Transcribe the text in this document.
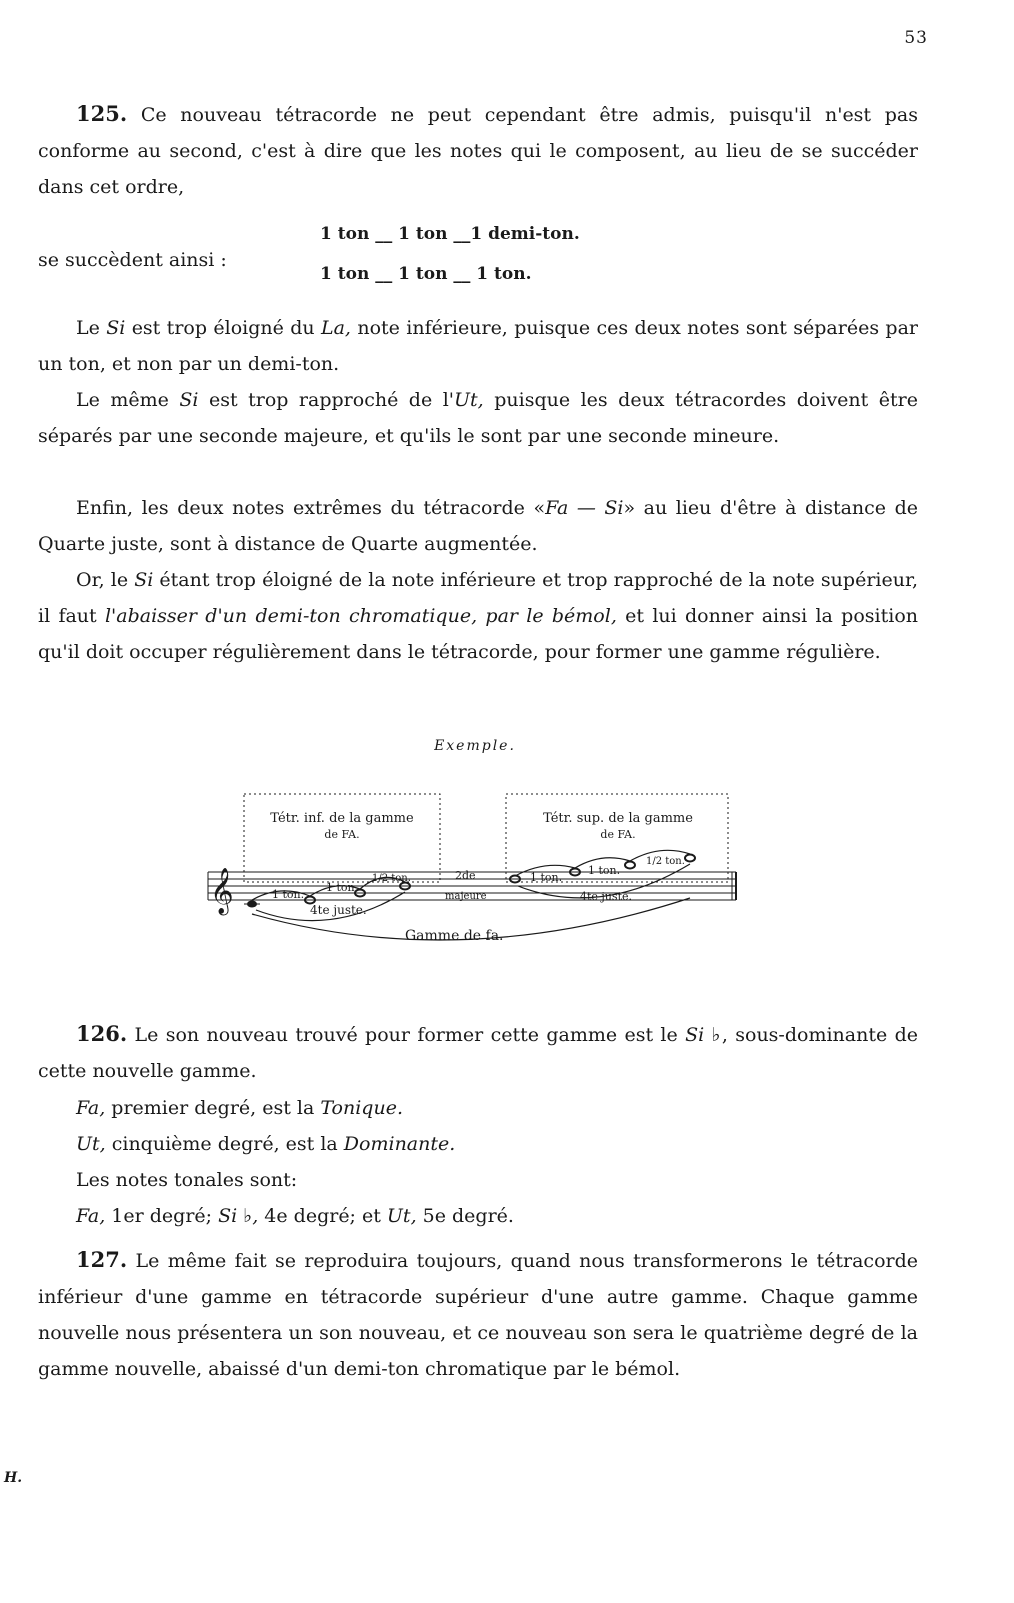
53

125. Ce nouveau tétracorde ne peut cependant être admis, puisqu'il n'est pas conforme au second, c'est à dire que les notes qui le composent, au lieu de se succéder dans cet ordre,

1 ton __ 1 ton __1 demi-ton.
se succèdent ainsi :
1 ton __ 1 ton __ 1 ton.

Le Si est trop éloigné du La, note inférieure, puisque ces deux notes sont séparées par un ton, et non par un demi-ton.

Le même Si est trop rapproché de l'Ut, puisque les deux tétracordes doivent être séparés par une seconde majeure, et qu'ils le sont par une seconde mineure.

Enfin, les deux notes extrêmes du tétracorde «Fa — Si» au lieu d'être à distance de Quarte juste, sont à distance de Quarte augmentée.

Or, le Si étant trop éloigné de la note inférieure et trop rapproché de la note supérieur, il faut l'abaisser d'un demi-ton chromatique, par le bémol, et lui donner ainsi la position qu'il doit occuper régulièrement dans le tétracorde, pour former une gamme régulière.

Exemple.
Tétr. inf. de la gamme
de FA.
Tétr. sup. de la gamme
de FA.
𝄞	1 ton.
1 ton.
1/2 ton.	2de
majeure
1 ton.
1 ton.
1/2 ton.
4te juste.
4te juste.
Gamme de fa.

126. Le son nouveau trouvé pour former cette gamme est le Si ♭, sous-dominante de cette nouvelle gamme.

Fa, premier degré, est la Tonique.
Ut, cinquième degré, est la Dominante.
Les notes tonales sont:
Fa, 1er degré; Si ♭, 4e degré; et Ut, 5e degré.

127. Le même fait se reproduira toujours, quand nous transformerons le tétracorde inférieur d'une gamme en tétracorde supérieur d'une autre gamme. Chaque gamme nouvelle nous présentera un son nouveau, et ce nouveau son sera le quatrième degré de la gamme nouvelle, abaissé d'un demi-ton chromatique par le bémol.

H.
